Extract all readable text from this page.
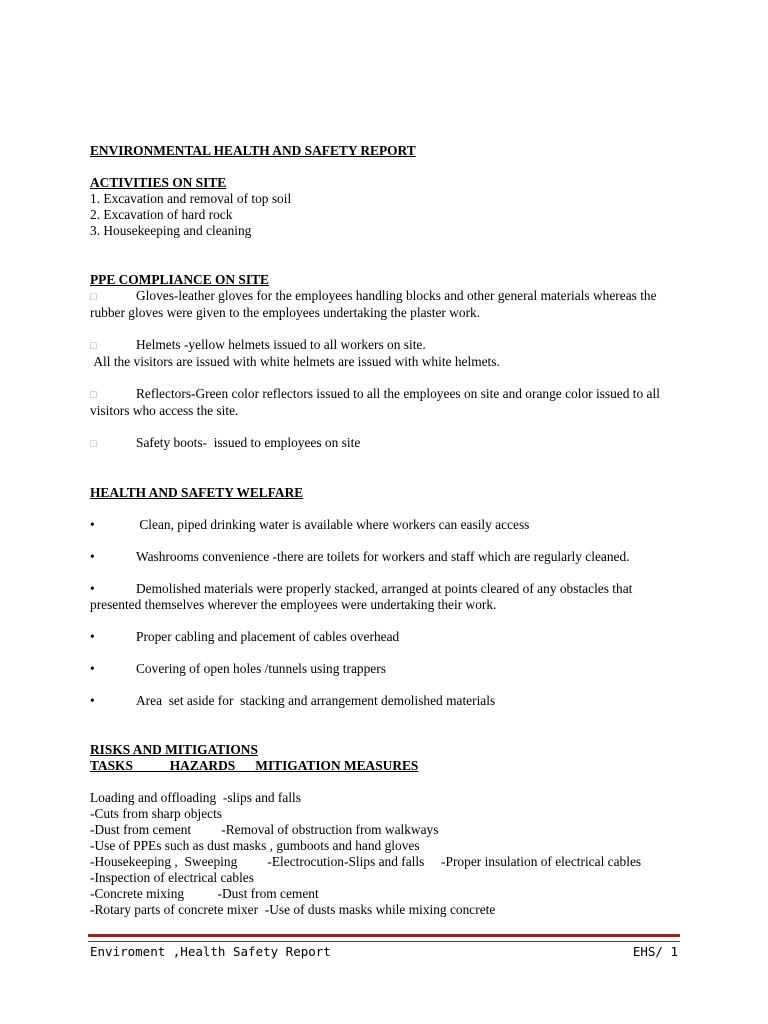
ENVIRONMENTAL HEALTH AND SAFETY REPORT

ACTIVITIES ON SITE

1. Excavation and removal of top soil

2. Excavation of hard rock

3. Housekeeping and cleaning

PPE COMPLIANCE ON SITE

□	Gloves-leather gloves for the employees handling blocks and other general materials whereas the

rubber gloves were given to the employees undertaking the plaster work.

□	Helmets -yellow helmets issued to all workers on site.

All the visitors are issued with white helmets are issued with white helmets.

□	Reflectors-Green color reflectors issued to all the employees on site and orange color issued to all

visitors who access the site.

□	Safety boots-  issued to employees on site

HEALTH AND SAFETY WELFARE

•	Clean, piped drinking water is available where workers can easily access

•	Washrooms convenience -there are toilets for workers and staff which are regularly cleaned.

•	Demolished materials were properly stacked, arranged at points cleared of any obstacles that

presented themselves wherever the employees were undertaking their work.

•	Proper cabling and placement of cables overhead

•	Covering of open holes /tunnels using trappers

•	Area  set aside for  stacking and arrangement demolished materials

RISKS AND MITIGATIONS

TASKS           HAZARDS      MITIGATION MEASURES

Loading and offloading  -slips and falls

-Cuts from sharp objects

-Dust from cement         -Removal of obstruction from walkways

-Use of PPEs such as dust masks , gumboots and hand gloves

-Housekeeping ,  Sweeping         -Electrocution-Slips and falls     -Proper insulation of electrical cables

-Inspection of electrical cables

-Concrete mixing          -Dust from cement

-Rotary parts of concrete mixer  -Use of dusts masks while mixing concrete

Enviroment ,Health Safety Report	EHS/ 1
